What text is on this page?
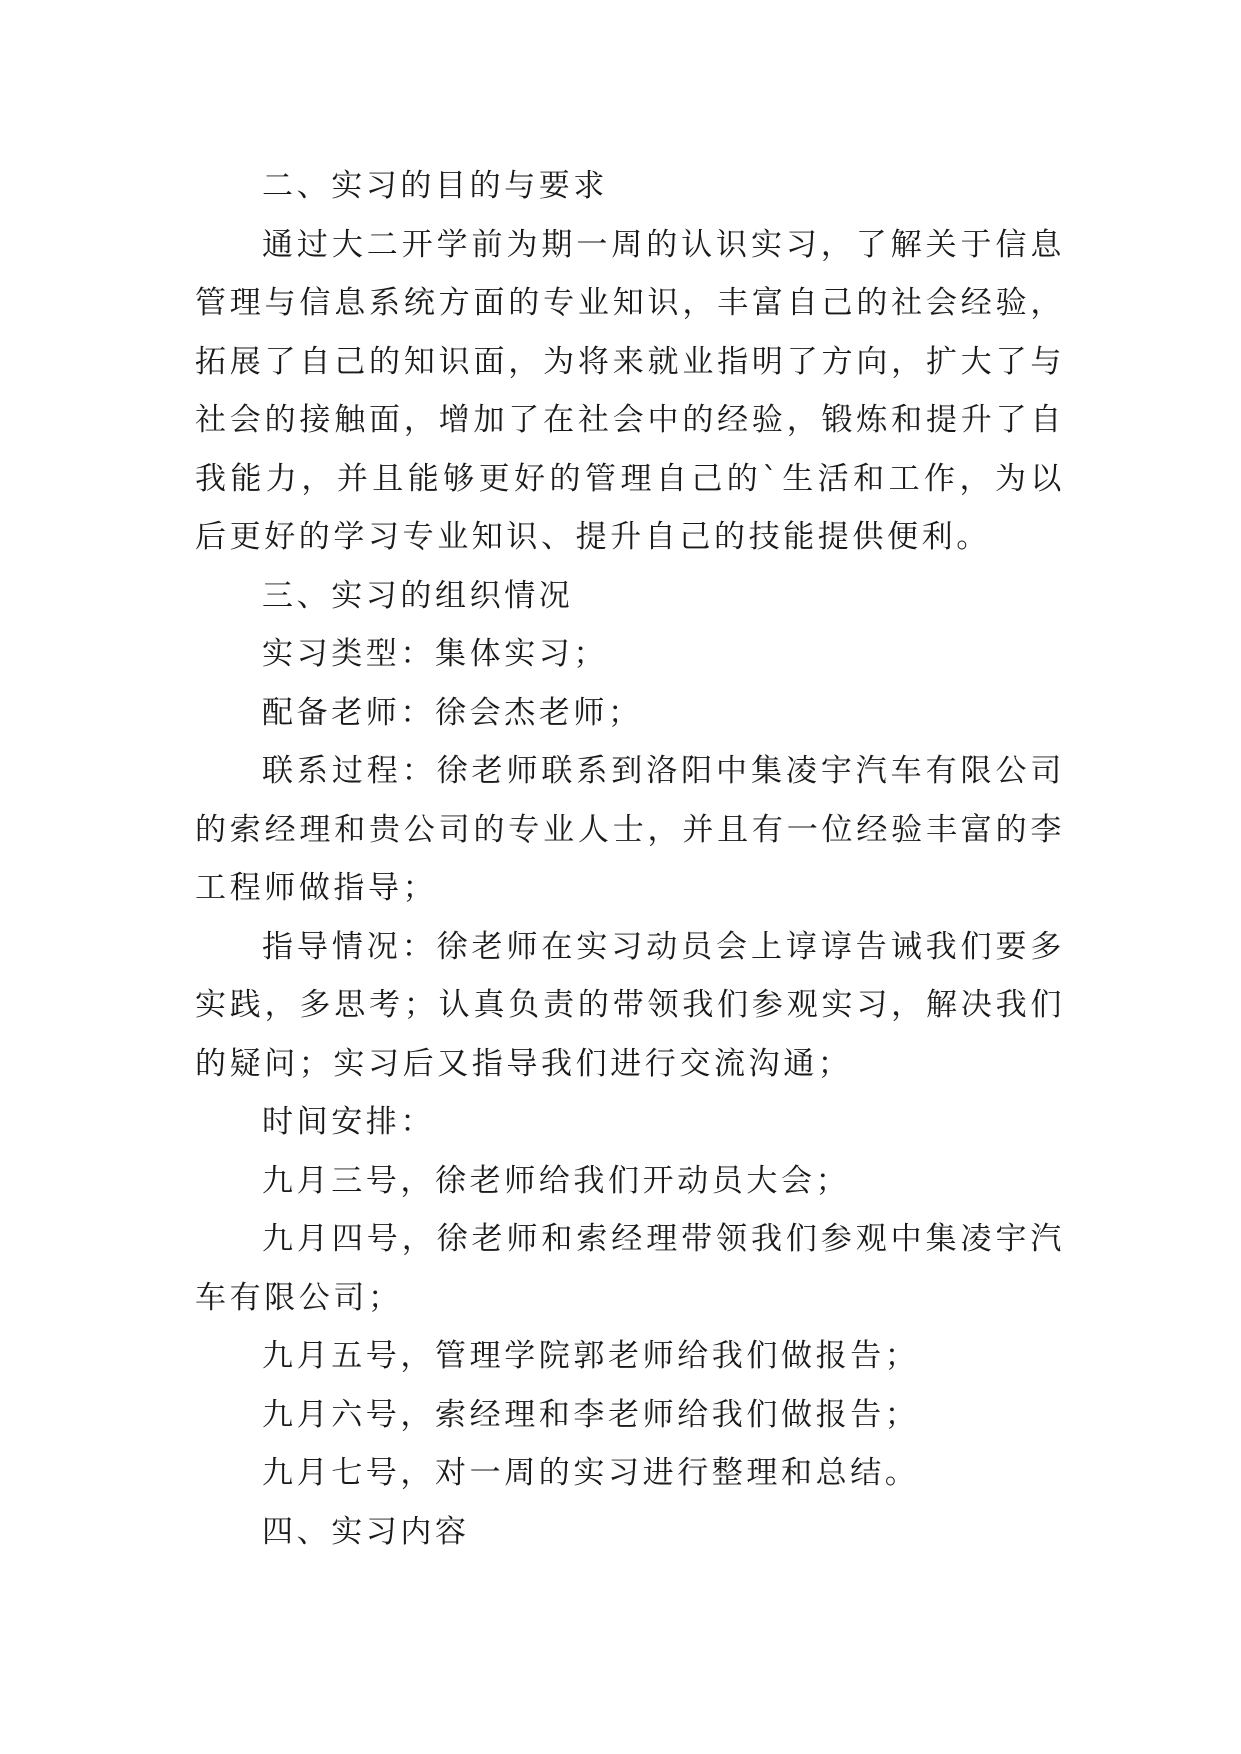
二、实习的目的与要求

通过大二开学前为期一周的认识实习，了解关于信息管理与信息系统方面的专业知识，丰富自己的社会经验，拓展了自己的知识面，为将来就业指明了方向，扩大了与社会的接触面，增加了在社会中的经验，锻炼和提升了自我能力，并且能够更好的管理自己的`生活和工作，为以后更好的学习专业知识、提升自己的技能提供便利。

三、实习的组织情况

实习类型：集体实习；

配备老师：徐会杰老师；

联系过程：徐老师联系到洛阳中集凌宇汽车有限公司的索经理和贵公司的专业人士，并且有一位经验丰富的李工程师做指导；

指导情况：徐老师在实习动员会上谆谆告诫我们要多实践，多思考；认真负责的带领我们参观实习，解决我们的疑问；实习后又指导我们进行交流沟通；

时间安排：

九月三号，徐老师给我们开动员大会；

九月四号，徐老师和索经理带领我们参观中集凌宇汽车有限公司；

九月五号，管理学院郭老师给我们做报告；

九月六号，索经理和李老师给我们做报告；

九月七号，对一周的实习进行整理和总结。

四、实习内容
